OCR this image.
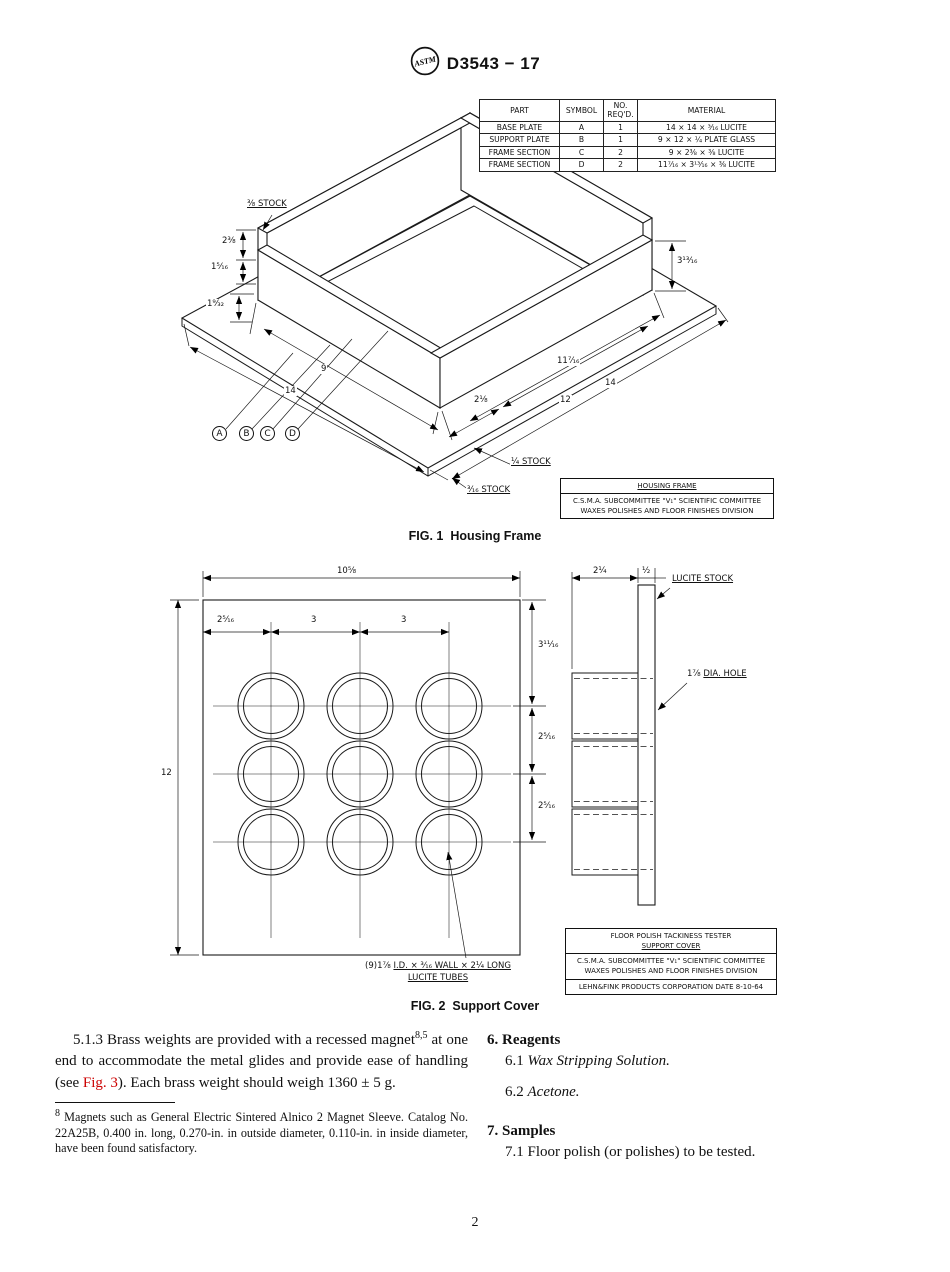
ASTM D3543 − 17
PART	SYMBOL	NO. REQ'D.	MATERIAL
BASE PLATE	A	1	14 × 14 × ³⁄₁₆ LUCITE
SUPPORT PLATE	B	1	9 × 12 × ¼ PLATE GLASS
FRAME SECTION	C	2	9 × 2⅜ × ⅜ LUCITE
FRAME SECTION	D	2	11⁷⁄₁₆ × 3¹³⁄₁₆ × ⅜ LUCITE
⅜ STOCK
2⅜
1⁵⁄₁₆
1⁹⁄₃₂
9
14
2⅛	12
11⁷⁄₁₆
14
3¹³⁄₁₆
¼ STOCK
³⁄₁₆ STOCK
A	B	C	D
HOUSING FRAME
C.S.M.A. SUBCOMMITTEE "V₁" SCIENTIFIC COMMITTEE
WAXES POLISHES AND FLOOR FINISHES DIVISION
FIG. 1  Housing Frame
10⅝
12
2⁵⁄₁₆	3	3
3¹¹⁄₁₆
2⁵⁄₁₆
2⁵⁄₁₆
2¼	½
LUCITE STOCK
1⅞ DIA. HOLE
(9)1⅞ I.D. × ³⁄₁₆ WALL × 2¼ LONG
LUCITE TUBES
FLOOR POLISH TACKINESS TESTER
SUPPORT COVER
C.S.M.A. SUBCOMMITTEE "V₁" SCIENTIFIC COMMITTEE
WAXES POLISHES AND FLOOR FINISHES DIVISION
LEHN&FINK PRODUCTS CORPORATION DATE 8-10-64
FIG. 2  Support Cover

5.1.3 Brass weights are provided with a recessed magnet$^{8,5}$ at one end to accommodate the metal glides and provide ease of handling (see Fig. 3). Each brass weight should weigh 1360 ± 5 g.

$^8$ Magnets such as General Electric Sintered Alnico 2 Magnet Sleeve. Catalog No. 22A25B, 0.400 in. long, 0.270-in. in outside diameter, 0.110-in. in inside diameter, have been found satisfactory.

6. Reagents

6.1 Wax Stripping Solution.

6.2 Acetone.

7. Samples

7.1 Floor polish (or polishes) to be tested.

2
